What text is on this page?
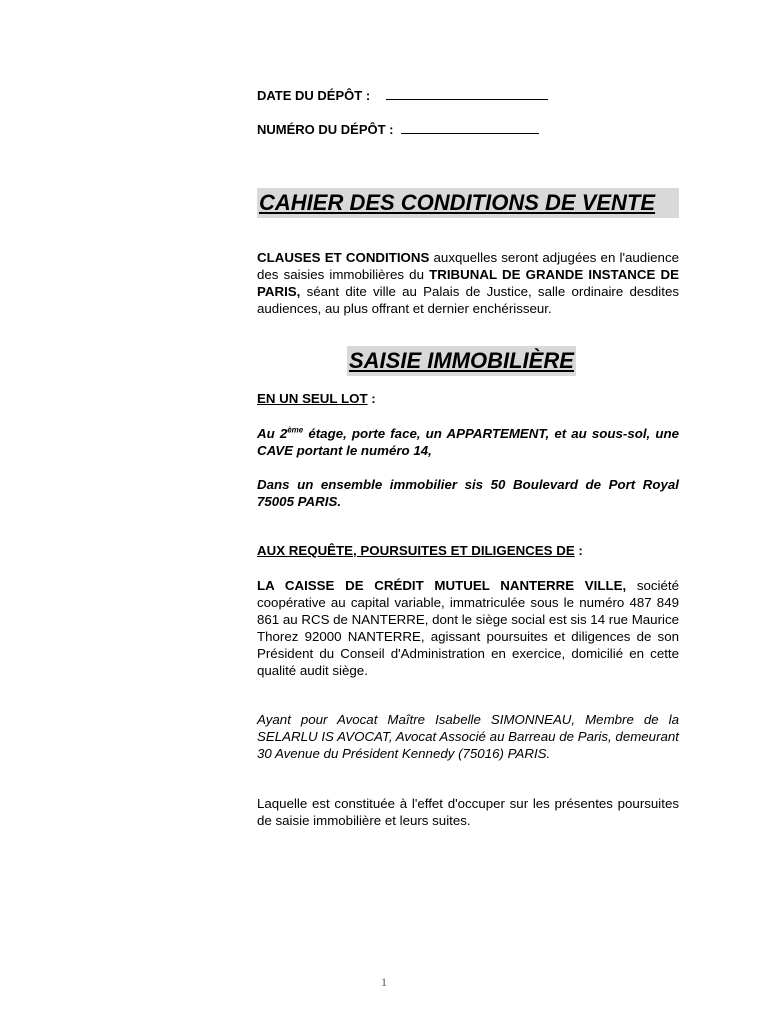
DATE DU DÉPÔT :
NUMÉRO DU DÉPÔT :
CAHIER DES CONDITIONS DE VENTE

CLAUSES ET CONDITIONS auxquelles seront adjugées en l'audience des saisies immobilières du TRIBUNAL DE GRANDE INSTANCE DE PARIS, séant dite ville au Palais de Justice, salle ordinaire desdites audiences, au plus offrant et dernier enchérisseur.

SAISIE IMMOBILIÈRE
EN UN SEUL LOT :

Au 2ème étage, porte face, un APPARTEMENT, et au sous-sol, une CAVE portant le numéro 14,

Dans un ensemble immobilier sis 50 Boulevard de Port Royal 75005 PARIS.

AUX REQUÊTE, POURSUITES ET DILIGENCES DE :

LA CAISSE DE CRÉDIT MUTUEL NANTERRE VILLE, société coopérative au capital variable, immatriculée sous le numéro 487 849 861 au RCS de NANTERRE, dont le siège social est sis 14 rue Maurice Thorez 92000 NANTERRE, agissant poursuites et diligences de son Président du Conseil d'Administration en exercice, domicilié en cette qualité audit siège.

Ayant pour Avocat Maître Isabelle SIMONNEAU, Membre de la SELARLU IS AVOCAT, Avocat Associé au Barreau de Paris, demeurant 30 Avenue du Président Kennedy (75016) PARIS.

Laquelle est constituée à l'effet d'occuper sur les présentes poursuites de saisie immobilière et leurs suites.

1
